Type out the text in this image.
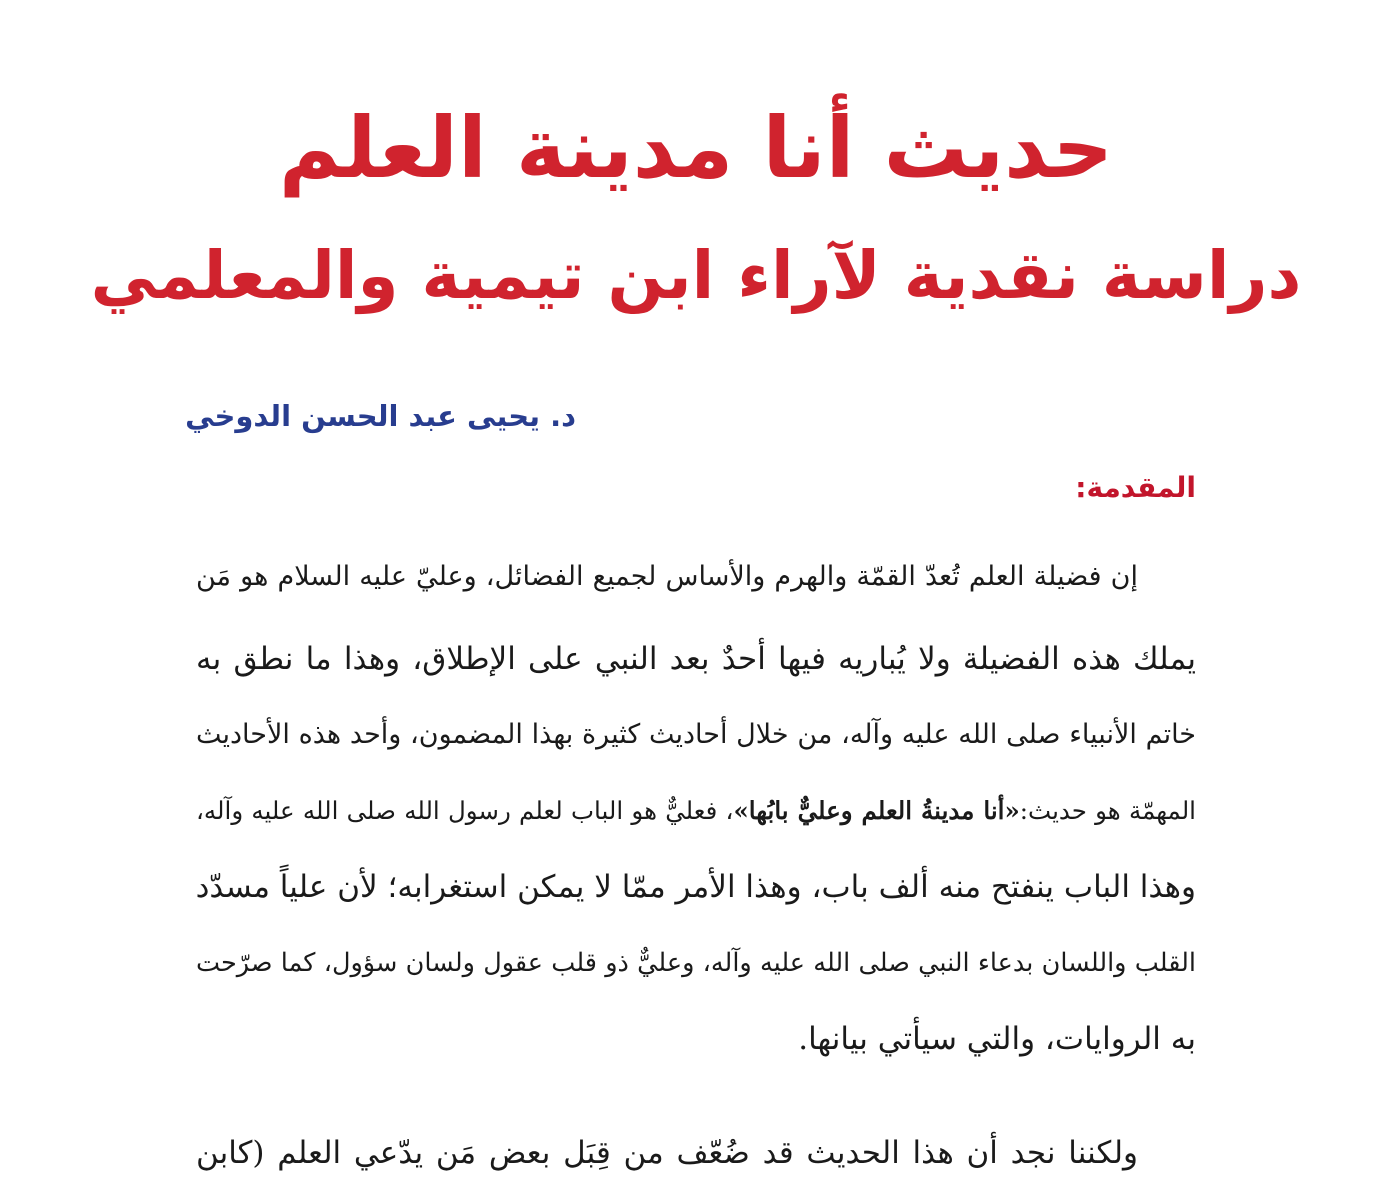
حديث أنا مدينة العلم
دراسة نقدية لآراء ابن تيمية والمعلمي
د. يحيى عبد الحسن الدوخي
المقدمة:
إن فضيلة العلم تُعدّ القمّة والهرم والأساس لجميع الفضائل، وعليّ عليه السلام هو مَن
يملك هذه الفضيلة ولا يُباريه فيها أحدٌ بعد النبي على الإطلاق، وهذا ما نطق به
خاتم الأنبياء صلى الله عليه وآله، من خلال أحاديث كثيرة بهذا المضمون، وأحد هذه الأحاديث
المهمّة هو حديث:«أنا مدينةُ العلم وعليٌّ بابُها»، فعليٌّ هو الباب لعلم رسول الله صلى الله عليه وآله،
وهذا الباب ينفتح منه ألف باب، وهذا الأمر ممّا لا يمكن استغرابه؛ لأن علياً مسدّد
القلب واللسان بدعاء النبي صلى الله عليه وآله، وعليٌّ ذو قلب عقول ولسان سؤول، كما صرّحت
به الروايات، والتي سيأتي بيانها.
ولكننا نجد أن هذا الحديث قد ضُعّف من قِبَل بعض مَن يدّعي العلم (كابن
